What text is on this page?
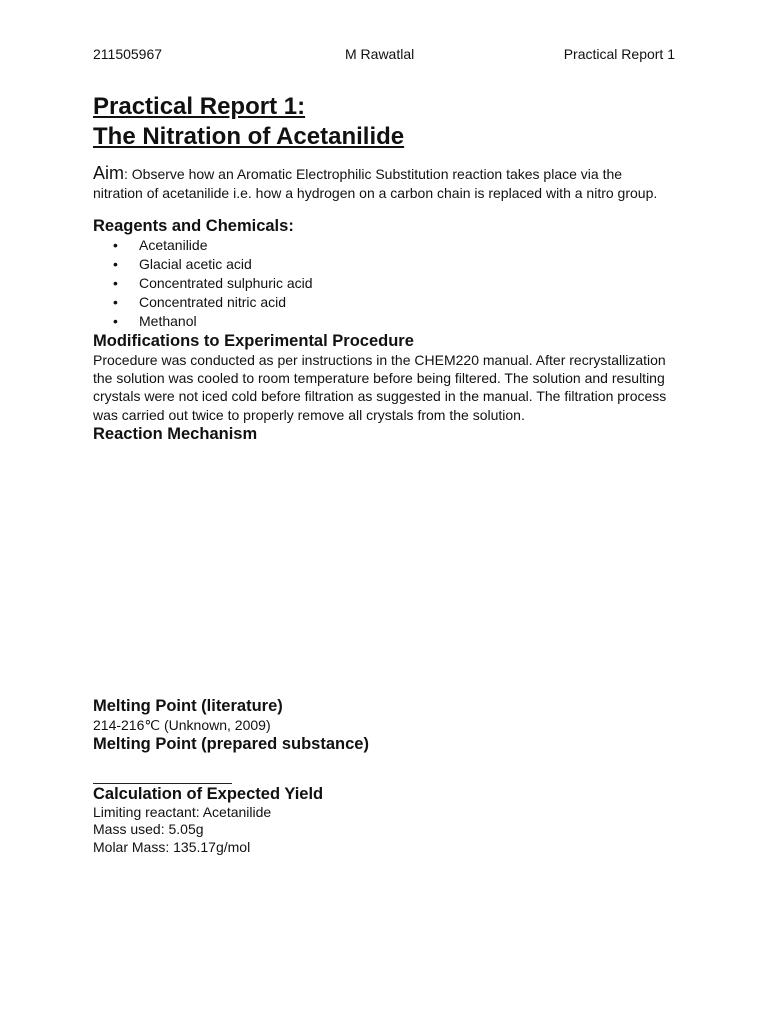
211505967	M Rawatlal	Practical Report 1
Practical Report 1:
The Nitration of Acetanilide

Aim: Observe how an Aromatic Electrophilic Substitution reaction takes place via the nitration of acetanilide i.e. how a hydrogen on a carbon chain is replaced with a nitro group.

Reagents and Chemicals:
• Acetanilide
• Glacial acetic acid
• Concentrated sulphuric acid
• Concentrated nitric acid
• Methanol
Modifications to Experimental Procedure

Procedure was conducted as per instructions in the CHEM220 manual. After recrystallization the solution was cooled to room temperature before being filtered. The solution and resulting crystals were not iced cold before filtration as suggested in the manual. The filtration process was carried out twice to properly remove all crystals from the solution.

Reaction Mechanism
Melting Point (literature)

214-216℃ (Unknown, 2009)

Melting Point (prepared substance)
Calculation of Expected Yield

Limiting reactant: Acetanilide

Mass used: 5.05g

Molar Mass: 135.17g/mol
